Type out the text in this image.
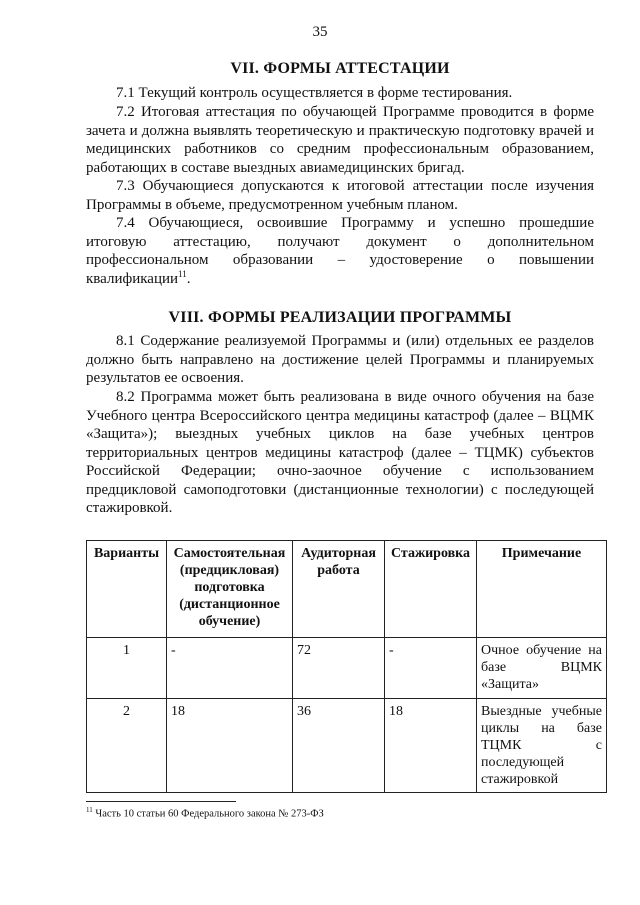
35
VII. ФОРМЫ АТТЕСТАЦИИ

7.1 Текущий контроль осуществляется в форме тестирования.

7.2 Итоговая аттестация по обучающей Программе проводится в форме зачета и должна выявлять теоретическую и практическую подготовку врачей и медицинских работников со средним профессиональным образованием, работающих в составе выездных авиамедицинских бригад.

7.3 Обучающиеся допускаются к итоговой аттестации после изучения Программы в объеме, предусмотренном учебным планом.

7.4 Обучающиеся, освоившие Программу и успешно прошедшие итоговую аттестацию, получают документ о дополнительном профессиональном образовании – удостоверение о повышении квалификации$^{11}$.

VIII. ФОРМЫ РЕАЛИЗАЦИИ ПРОГРАММЫ

8.1 Содержание реализуемой Программы и (или) отдельных ее разделов должно быть направлено на достижение целей Программы и планируемых результатов ее освоения.

8.2 Программа может быть реализована в виде очного обучения на базе Учебного центра Всероссийского центра медицины катастроф (далее – ВЦМК «Защита»); выездных учебных циклов на базе учебных центров территориальных центров медицины катастроф (далее – ТЦМК) субъектов Российской Федерации; очно-заочное обучение с использованием предцикловой самоподготовки (дистанционные технологии) с последующей стажировкой.

Варианты	Самостоятельная (предцикловая) подготовка (дистанционное обучение)	Аудиторная работа	Стажировка	Примечание
1	-	72	-	Очное обучение на базе ВЦМК «Защита»
2	18	36	18	Выездные учебные циклы на базе ТЦМК с последующей стажировкой
$^{11}$ Часть 10 статьи 60 Федерального закона № 273-ФЗ
